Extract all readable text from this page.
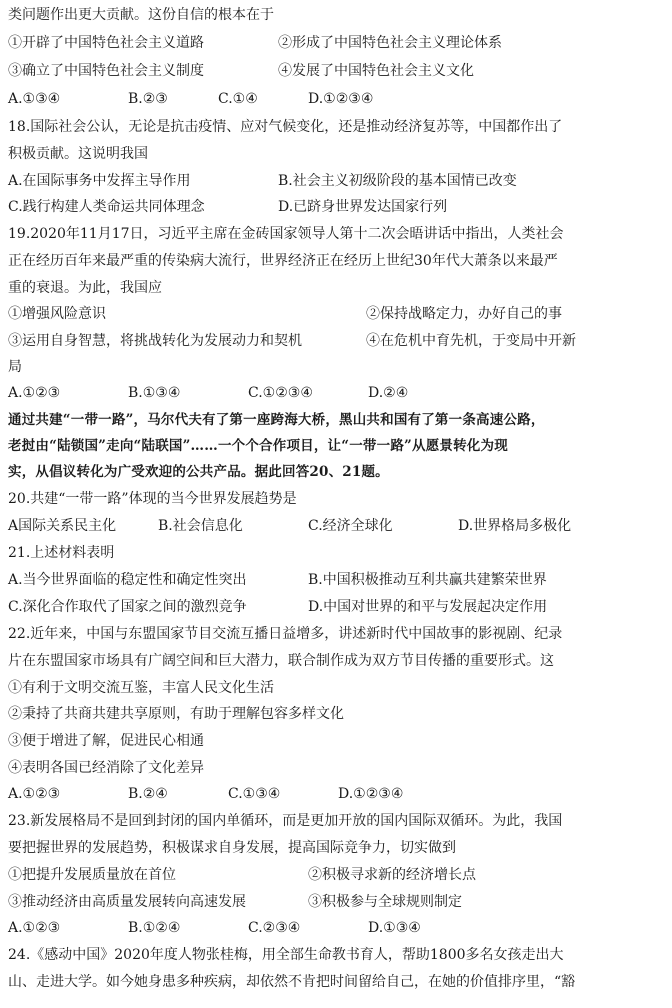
类问题作出更大贡献。这份自信的根本在于
①开辟了中国特色社会主义道路	②形成了中国特色社会主义理论体系
③确立了中国特色社会主义制度	④发展了中国特色社会主义文化
A.①③④	B.②③	C.①④	D.①②③④
18.国际社会公认，无论是抗击疫情、应对气候变化，还是推动经济复苏等，中国都作出了
积极贡献。这说明我国
A.在国际事务中发挥主导作用	B.社会主义初级阶段的基本国情已改变
C.践行构建人类命运共同体理念	D.已跻身世界发达国家行列
19.2020年11月17日，习近平主席在金砖国家领导人第十二次会晤讲话中指出，人类社会
正在经历百年来最严重的传染病大流行，世界经济正在经历上世纪30年代大萧条以来最严
重的衰退。为此，我国应
①增强风险意识	②保持战略定力，办好自己的事
③运用自身智慧，将挑战转化为发展动力和契机	④在危机中育先机，于变局中开新
局
A.①②③	B.①③④	C.①②③④	D.②④
通过共建“一带一路”，马尔代夫有了第一座跨海大桥，黑山共和国有了第一条高速公路，
老挝由“陆锁国”走向“陆联国”……一个个合作项目，让“一带一路”从愿景转化为现
实，从倡议转化为广受欢迎的公共产品。据此回答20、21题。
20.共建“一带一路”体现的当今世界发展趋势是
A国际关系民主化	B.社会信息化	C.经济全球化	D.世界格局多极化
21.上述材料表明
A.当今世界面临的稳定性和确定性突出	B.中国积极推动互利共赢共建繁荣世界
C.深化合作取代了国家之间的激烈竞争	D.中国对世界的和平与发展起决定作用
22.近年来，中国与东盟国家节目交流互播日益增多，讲述新时代中国故事的影视剧、纪录
片在东盟国家市场具有广阔空间和巨大潜力，联合制作成为双方节目传播的重要形式。这
①有利于文明交流互鉴，丰富人民文化生活
②秉持了共商共建共享原则，有助于理解包容多样文化
③便于增进了解，促进民心相通
④表明各国已经消除了文化差异
A.①②③	B.②④	C.①③④	D.①②③④
23.新发展格局不是回到封闭的国内单循环，而是更加开放的国内国际双循环。为此，我国
要把握世界的发展趋势，积极谋求自身发展，提高国际竞争力，切实做到
①把提升发展质量放在首位	②积极寻求新的经济增长点
③推动经济由高质量发展转向高速发展	③积极参与全球规则制定
A.①②③	B.①②④	C.②③④	D.①③④
24.《感动中国》2020年度人物张桂梅，用全部生命教书育人，帮助1800多名女孩走出大
山、走进大学。如今她身患多种疾病，却依然不肯把时间留给自己，在她的价值排序里，“豁
